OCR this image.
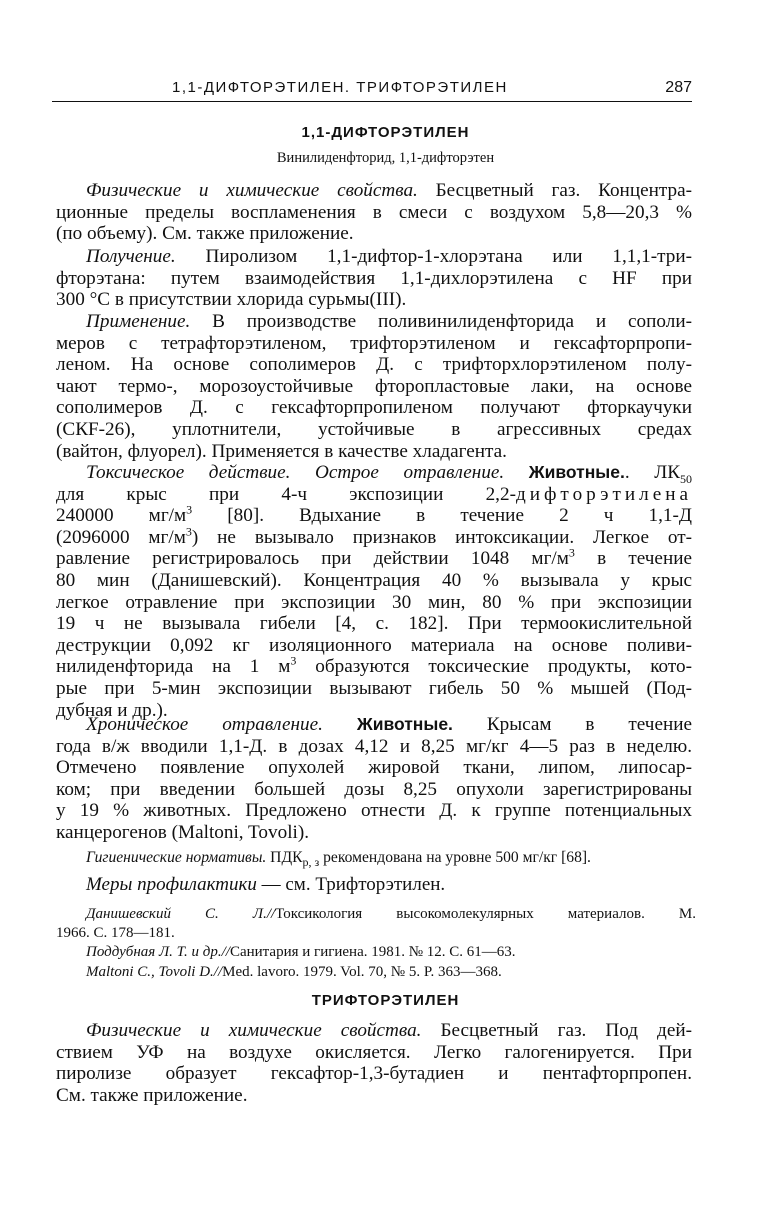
1,1-ДИФТОРЭТИЛЕН. ТРИФТОРЭТИЛЕН	287
1,1-ДИФТОРЭТИЛЕН
Винилиденфторид, 1,1-дифторэтен
Физические и химические свойства. Бесцветный газ. Концентра-
ционные пределы воспламенения в смеси с воздухом 5,8—20,3 %
(по объему). См. также приложение.
Получение. Пиролизом 1,1-дифтор-1-хлорэтана или 1,1,1-три-
фторэтана: путем взаимодействия 1,1-дихлорэтилена с HF при
300 °C в присутствии хлорида сурьмы(III).
Применение. В производстве поливинилиденфторида и сополи-
меров с тетрафторэтиленом, трифторэтиленом и гексафторпропи-
леном. На основе сополимеров Д. с трифторхлорэтиленом полу-
чают термо-, морозоустойчивые фторопластовые лаки, на основе
сополимеров Д. с гексафторпропиленом получают фторкаучуки
(СКF-26), уплотнители, устойчивые в агрессивных средах
(вайтон, флуорел). Применяется в качестве хладагента.
Токсическое действие. Острое отравление. Животные.. $ЛК_{50}$
для крыс при 4-ч экспозиции 2,2-дифторэтилена
240000 $мг/м^3$ [80]. Вдыхание в течение 2 ч 1,1-Д
(2096000 $мг/м^3$) не вызывало признаков интоксикации. Легкое от-
равление регистрировалось при действии 1048 $мг/м^3$ в течение
80 мин (Данишевский). Концентрация 40 % вызывала у крыс
легкое отравление при экспозиции 30 мин, 80 % при экспозиции
19 ч не вызывала гибели [4, с. 182]. При термоокислительной
деструкции 0,092 кг изоляционного материала на основе поливи-
нилиденфторида на 1 $м^3$ образуются токсические продукты, кото-
рые при 5-мин экспозиции вызывают гибель 50 % мышей (Под-
дубная и др.).
Хроническое отравление. Животные. Крысам в течение
года в/ж вводили 1,1-Д. в дозах 4,12 и 8,25 мг/кг 4—5 раз в неделю.
Отмечено появление опухолей жировой ткани, липом, липосар-
ком; при введении большей дозы 8,25 опухоли зарегистрированы
у 19 % животных. Предложено отнести Д. к группе потенциальных
канцерогенов (Maltoni, Tovoli).
Гигиенические нормативы. $ПДК_{р, з}$ рекомендована на уровне 500 мг/кг [68].
Меры профилактики — см. Трифторэтилен.
Данишевский С. Л.//Токсикология высокомолекулярных материалов. М.
1966. С. 178—181.
Поддубная Л. Т. и др.//Санитария и гигиена. 1981. № 12. С. 61—63.
Maltoni C., Tovoli D.//Med. lavoro. 1979. Vol. 70, № 5. P. 363—368.
ТРИФТОРЭТИЛЕН
Физические и химические свойства. Бесцветный газ. Под дей-
ствием УФ на воздухе окисляется. Легко галогенируется. При
пиролизе образует гексафтор-1,3-бутадиен и пентафторпропен.
См. также приложение.
